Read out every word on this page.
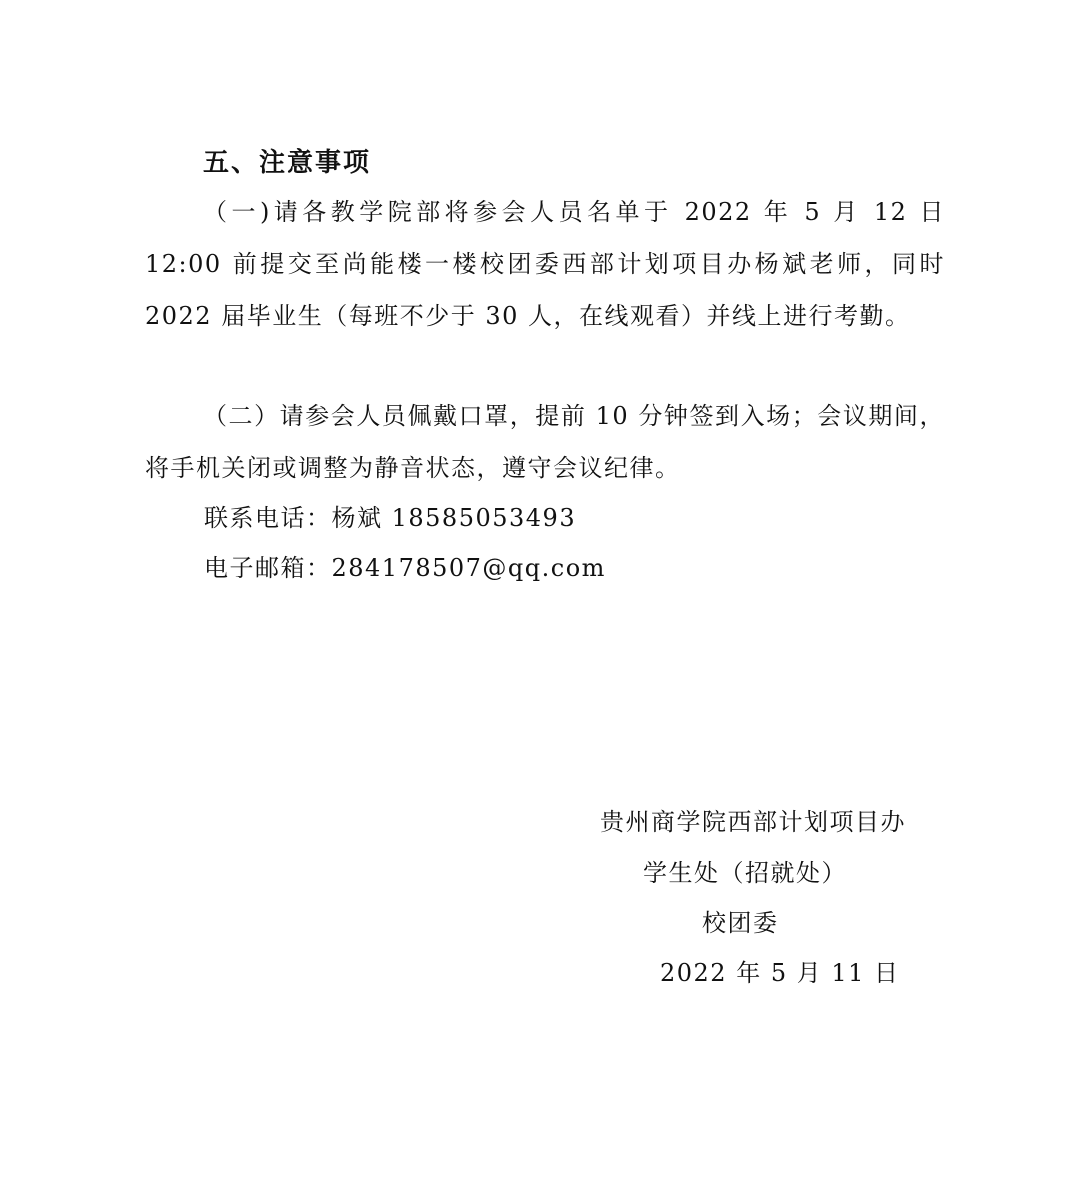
五、注意事项

（一)请各教学院部将参会人员名单于 2022 年 5 月 12 日 12:00 前提交至尚能楼一楼校团委西部计划项目办杨斌老师，同时 2022 届毕业生（每班不少于 30 人，在线观看）并线上进行考勤。

（二）请参会人员佩戴口罩，提前 10 分钟签到入场；会议期间，将手机关闭或调整为静音状态，遵守会议纪律。

联系电话：杨斌 18585053493
电子邮箱：284178507@qq.com
贵州商学院西部计划项目办
学生处（招就处）
校团委
2022 年 5 月 11 日
